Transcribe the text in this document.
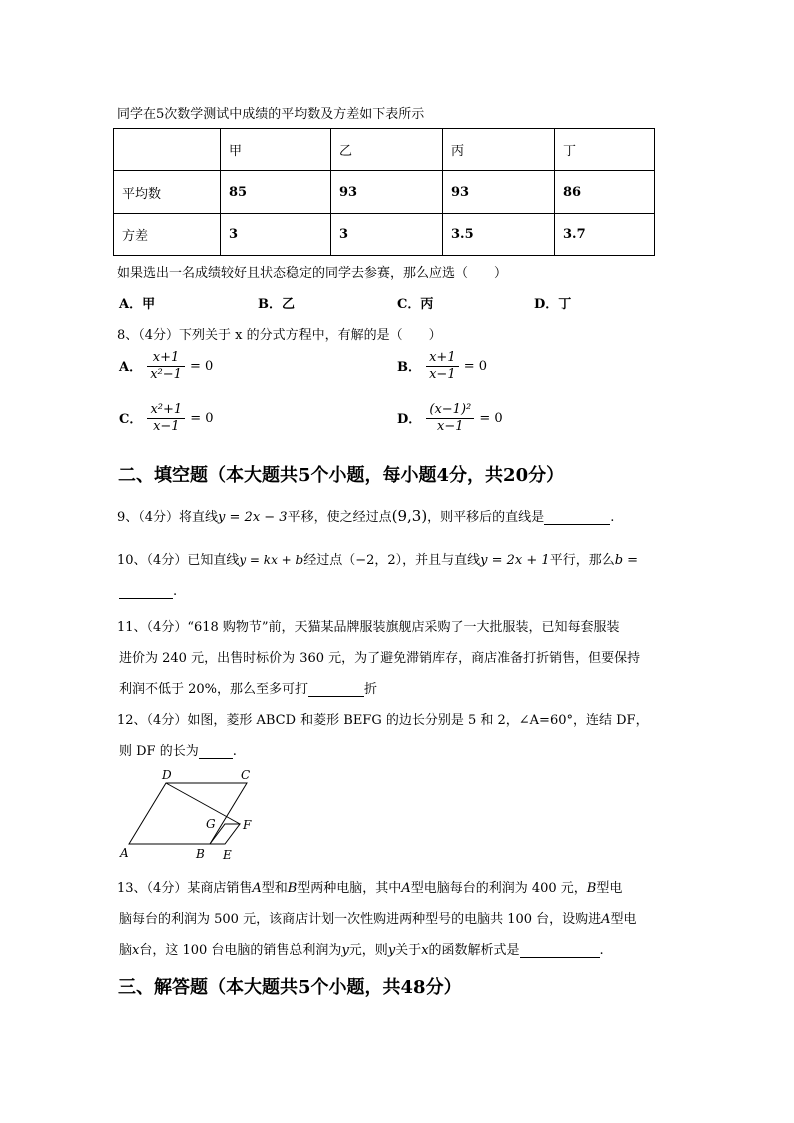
同学在5次数学测试中成绩的平均数及方差如下表所示
	甲	乙	丙	丁
平均数	85	93	93	86
方差	3	3	3.5	3.7
如果选出一名成绩较好且状态稳定的同学去参赛，那么应选（　　）
A．甲	B．乙	C．丙	D．丁
8、（4分）下列关于 x 的分式方程中，有解的是（　　）
A． $\frac{x+1}{\text{x²−1}} = 0$	B． $\frac{x+1}{x-1} = 0$
C． $\frac{\text{x²+1}}{x-1} = 0$	D． $\frac{\text{(x−1)²}}{x-1} = 0$
二、填空题（本大题共5个小题，每小题4分，共20分）
9、（4分）将直线y = 2x − 3平移，使之经过点(9,3)，则平移后的直线是	.
10、（4分）已知直线y = kx + b经过点（−2，2），并且与直线y = 2x + 1平行，那么b =
.
11、（4分）“618 购物节”前，天猫某品牌服装旗舰店采购了一大批服装，已知每套服装
进价为 240 元，出售时标价为 360 元，为了避免滞销库存，商店准备打折销售，但要保持
利润不低于 20%，那么至多可打	折
12、（4分）如图，菱形 ABCD 和菱形 BEFG 的边长分别是 5 和 2，∠A=60°，连结 DF，
则 DF 的长为	.
D	C
A	B E
F
G
13、（4分）某商店销售A型和B型两种电脑，其中A型电脑每台的利润为 400 元，B型电
脑每台的利润为 500 元，该商店计划一次性购进两种型号的电脑共 100 台，设购进A型电
脑x台，这 100 台电脑的销售总利润为y元，则y关于x的函数解析式是	.
三、解答题（本大题共5个小题，共48分）
